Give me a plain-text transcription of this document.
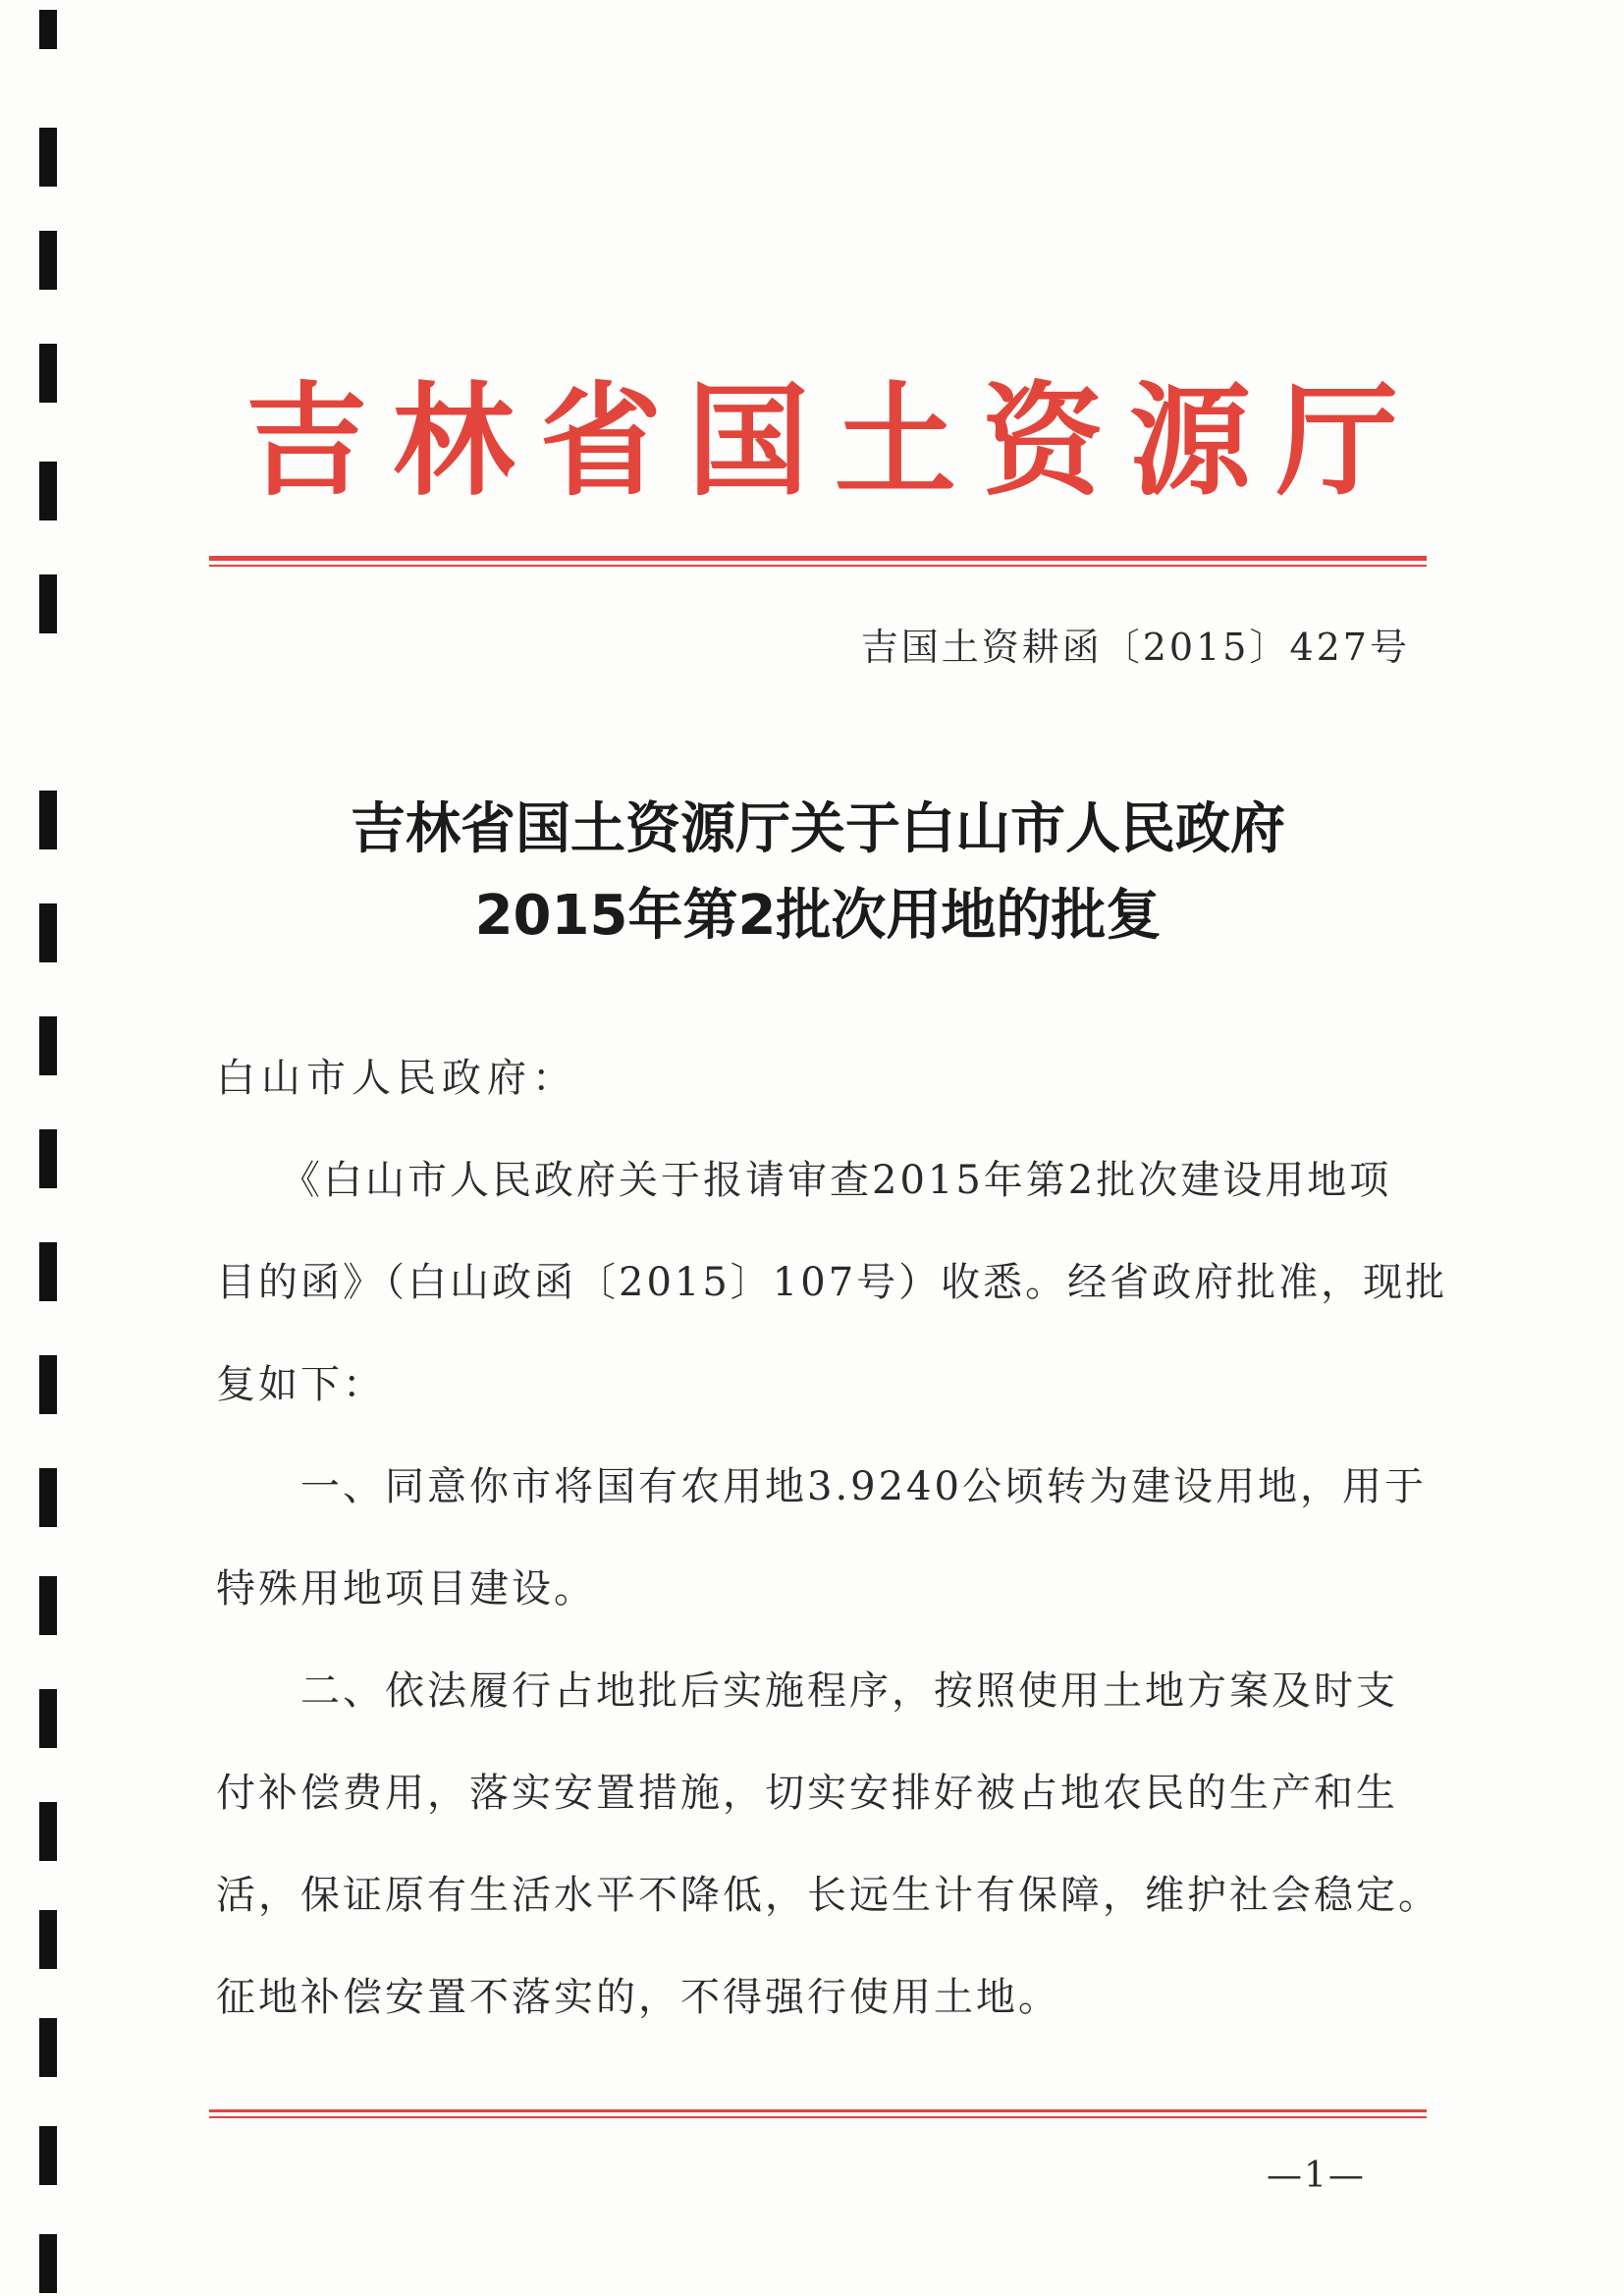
吉林省国土资源厅
吉国土资耕函〔2015〕427号
吉林省国土资源厅关于白山市人民政府
2015年第2批次用地的批复
白山市人民政府：
　　《白山市人民政府关于报请审查2015年第2批次建设用地项
目的函》（白山政函〔2015〕107号）收悉。经省政府批准，现批
复如下：
　　一、同意你市将国有农用地3.9240公顷转为建设用地，用于
特殊用地项目建设。
　　二、依法履行占地批后实施程序，按照使用土地方案及时支
付补偿费用，落实安置措施，切实安排好被占地农民的生产和生
活，保证原有生活水平不降低，长远生计有保障，维护社会稳定。
征地补偿安置不落实的，不得强行使用土地。
—1—
